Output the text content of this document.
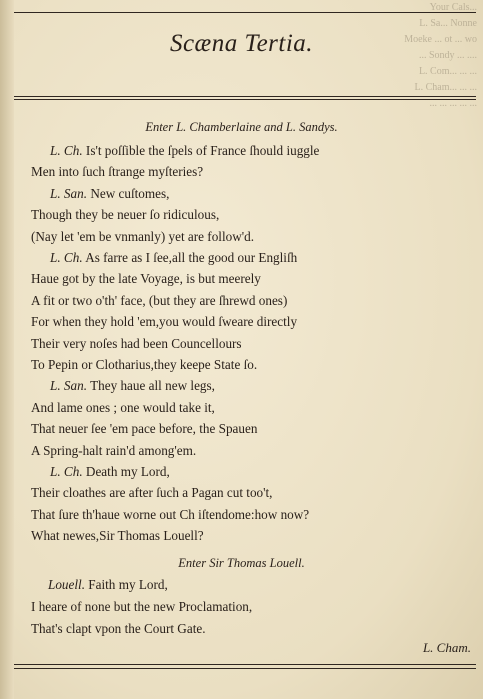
Your Cals...
L. Sa... Nonne
Moeke ... ot ... wo
... Sondy ... ....
L. Com... ... ...
L. Cham... ... ...
... ... ... ... ...
Scæna Tertia.
Enter L. Chamberlaine and L. Sandys.
L. Ch. Is't poſſible the ſpels of France ſhould iuggle
Men into ſuch ſtrange myſteries?
L. San. New cuſtomes,
Though they be neuer ſo ridiculous,
(Nay let 'em be vnmanly) yet are follow'd.
L. Ch. As farre as I ſee,all the good our Engliſh
Haue got by the late Voyage, is but meerely
A fit or two o'th' face, (but they are ſhrewd ones)
For when they hold 'em,you would ſweare directly
Their very noſes had been Councellours
To Pepin or Clotharius,they keepe State ſo.
L. San. They haue all new legs,
And lame ones ; one would take it,
That neuer ſee 'em pace before, the Spauen
A Spring-halt rain'd among'em.
L. Ch. Death my Lord,
Their cloathes are after ſuch a Pagan cut too't,
That ſure th'haue worne out Ch iſtendome:how now?
What newes,Sir Thomas Louell?
Enter Sir Thomas Louell.
Louell. Faith my Lord,
I heare of none but the new Proclamation,
That's clapt vpon the Court Gate.
L. Cham.
